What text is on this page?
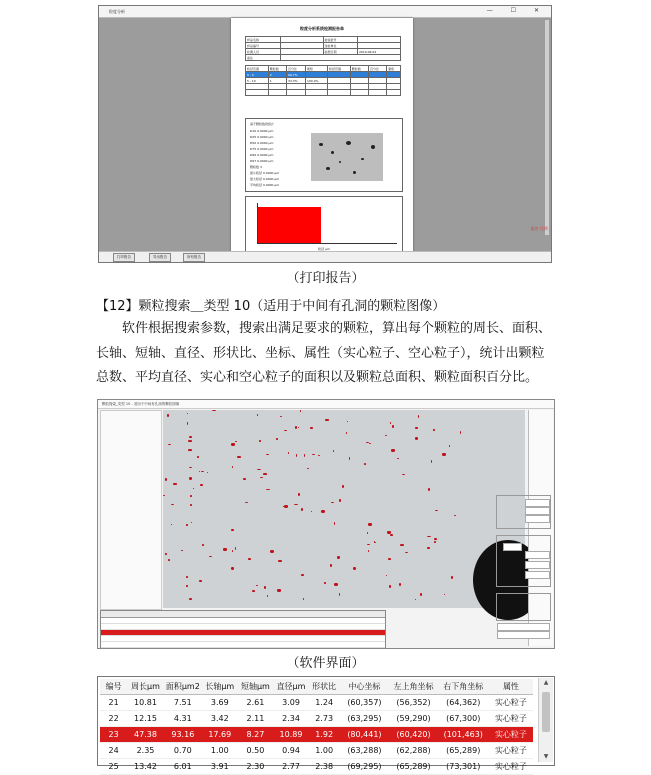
粒度分析	— ☐ ✕
粒度分析系统检测报告单
样品名称		检验批号	
样品编号		送检单位	
检测人员		检测日期	2019.06.04
备注			
粒径范围	颗粒数	百分比	累积	粒径范围	颗粒数	百分比	累积
0 - 5	2	66.7%					
5 - 10	1	33.3%	100.0%				

基于颗粒数的统计
D10 0.0000 μm
D25 0.0000 μm
D50 0.0000 μm
D75 0.0000 μm
D90 0.0000 μm
D97 0.0000 μm
颗粒数 3
最小粒径 0.0000 μm
最大粒径 0.0000 μm
平均粒径 0.0000 μm
粒径 μm
报告 比例
打印报告	导出报告	所有报告
（打印报告）
【12】颗粒搜索＿类型 10（适用于中间有孔洞的颗粒图像）
软件根据搜索参数，搜索出满足要求的颗粒，算出每个颗粒的周长、面积、
长轴、短轴、直径、形状比、坐标、属性（实心粒子、空心粒子），统计出颗粒
总数、平均直径、实心和空心粒子的面积以及颗粒总面积、颗粒面积百分比。
颗粒搜索_类型 10 - 适用于中间有孔洞的颗粒图像
（软件界面）
编号	周长μm	面积μm2	长轴μm	短轴μm	直径μm	形状比	中心坐标	左上角坐标	右下角坐标	属性
21	10.81	7.51	3.69	2.61	3.09	1.24	(60,357)	(56,352)	(64,362)	实心粒子
22	12.15	4.31	3.42	2.11	2.34	2.73	(63,295)	(59,290)	(67,300)	实心粒子
23	47.38	93.16	17.69	8.27	10.89	1.92	(80,441)	(60,420)	(101,463)	实心粒子
24	2.35	0.70	1.00	0.50	0.94	1.00	(63,288)	(62,288)	(65,289)	实心粒子
25	13.42	6.01	3.91	2.30	2.77	2.38	(69,295)	(65,289)	(73,301)	实心粒子
▲
▼
